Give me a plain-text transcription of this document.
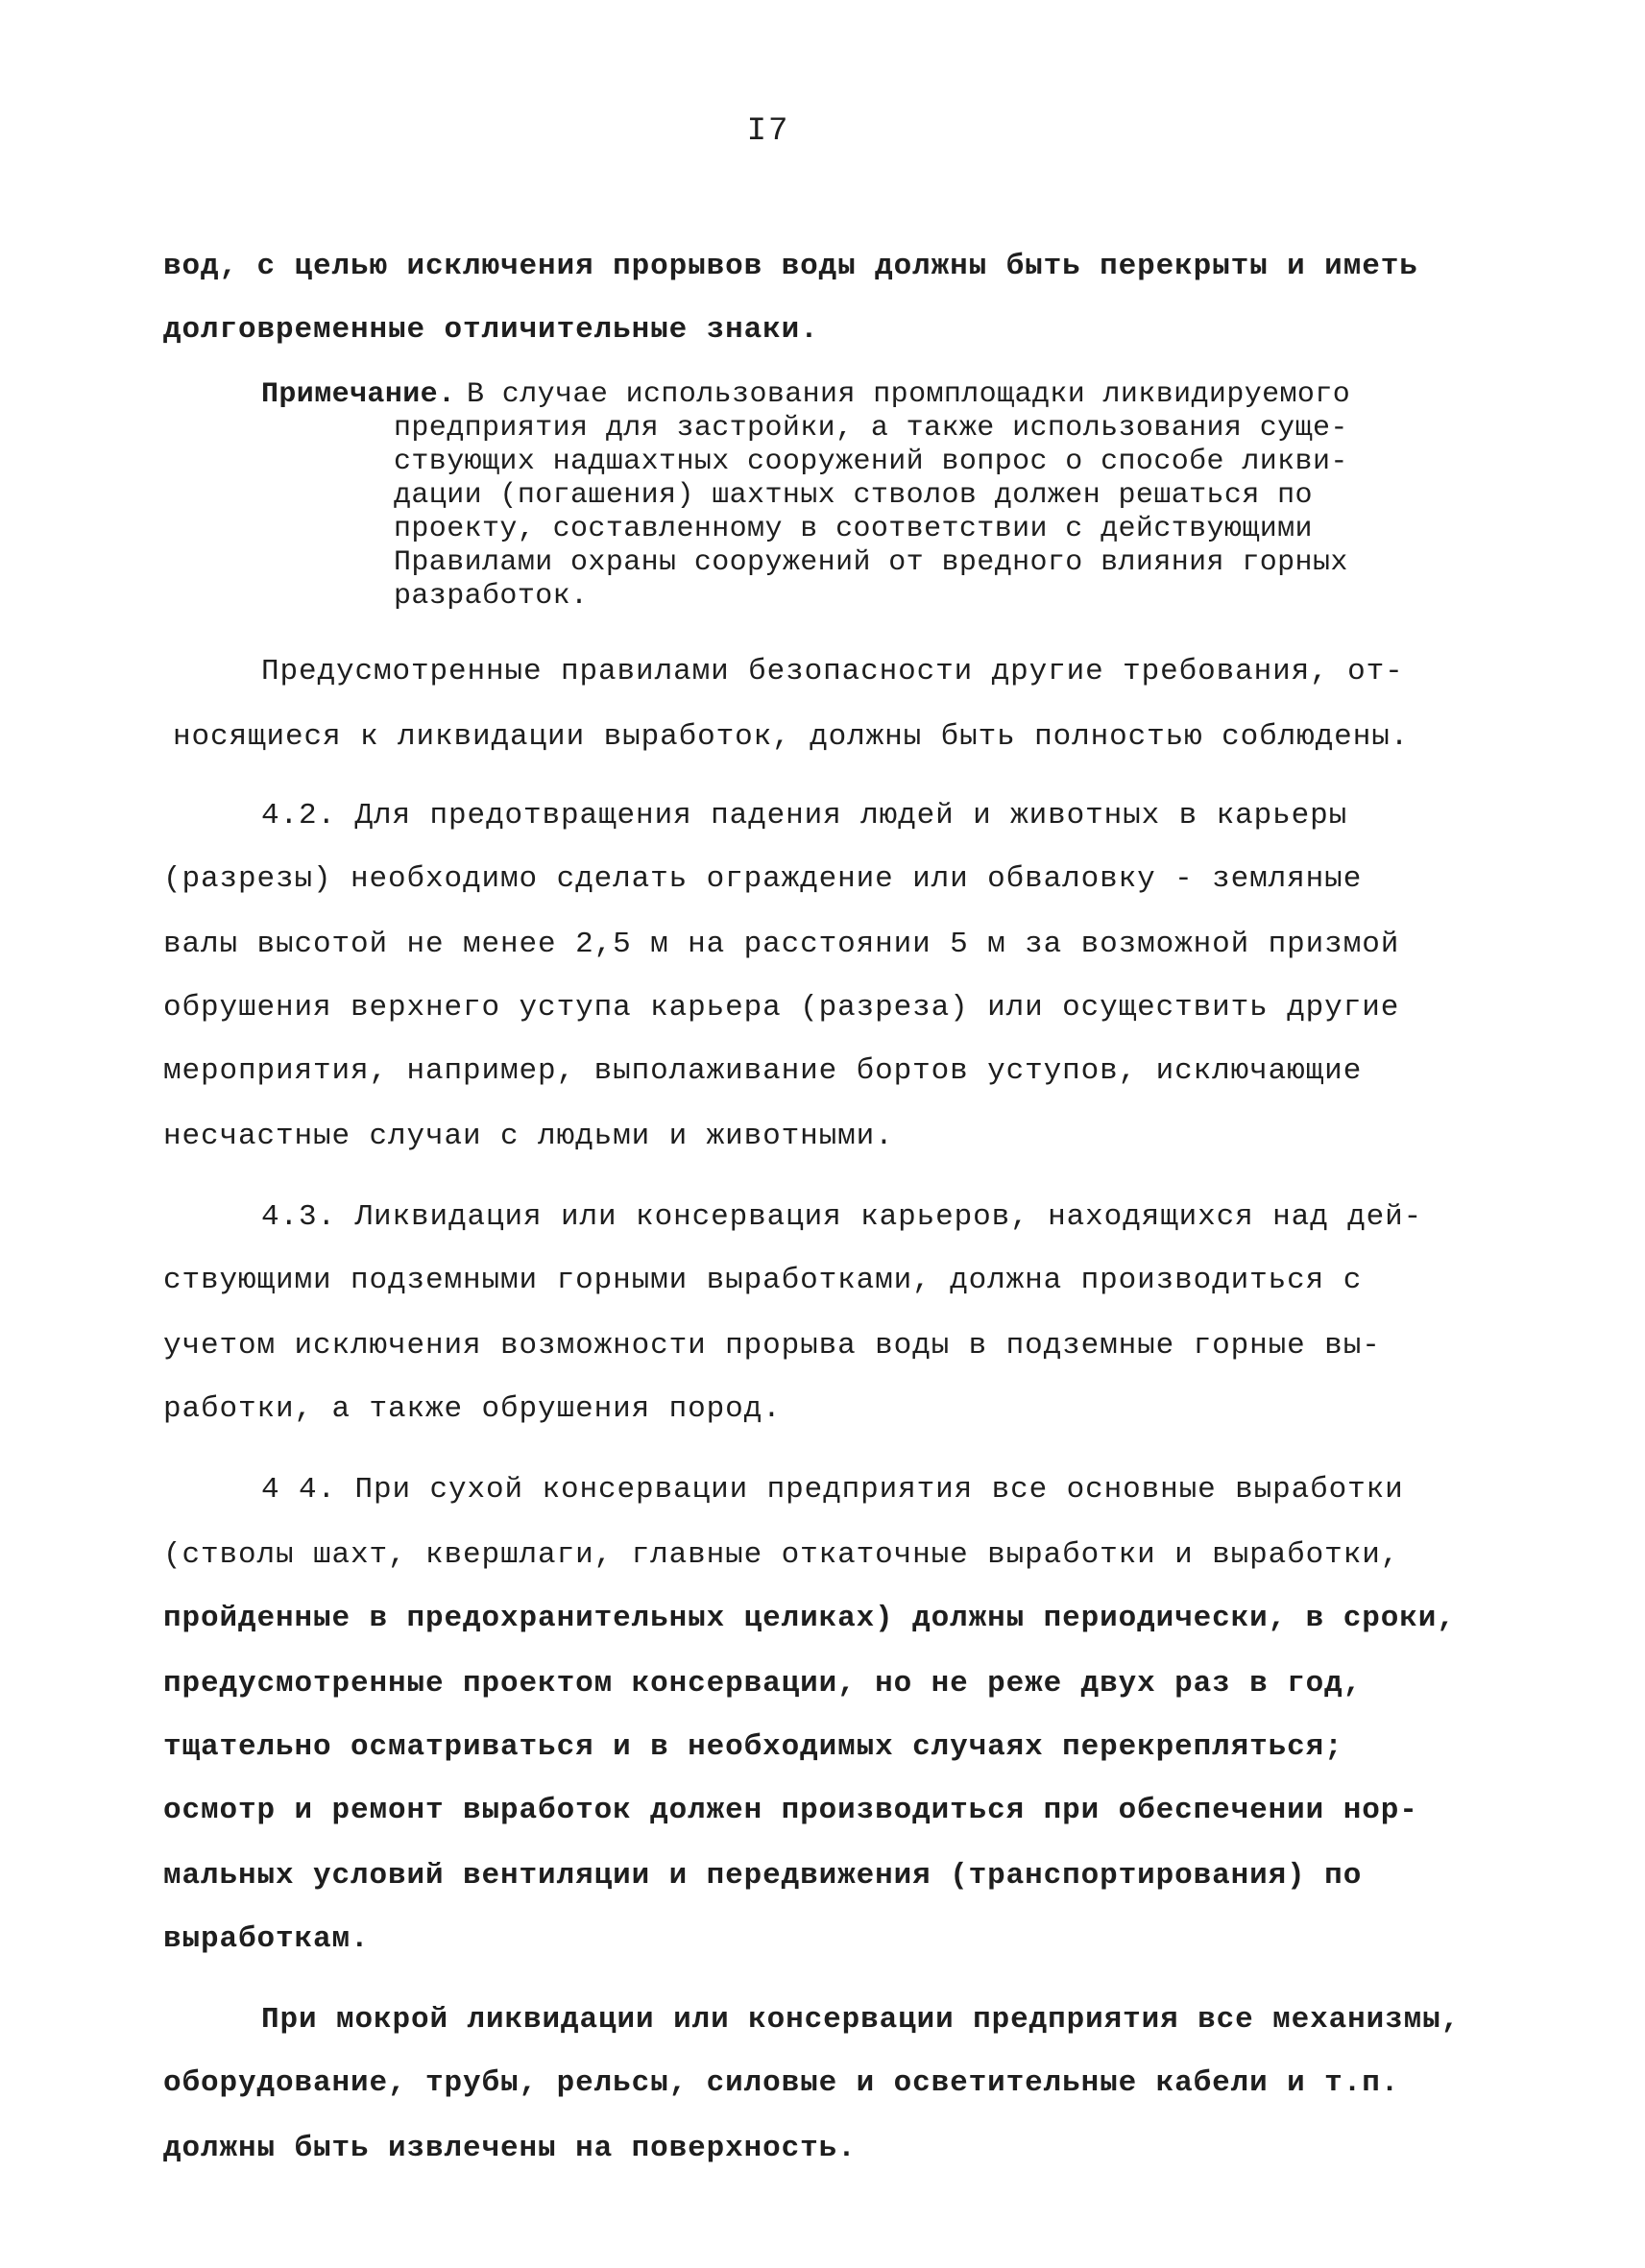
I7
вод, с целью исключения прорывов воды должны быть перекрыты и иметь
долговременные отличительные знаки.
Примечание. В случае использования промплощадки ликвидируемого
предприятия для застройки, а также использования суще-
ствующих надшахтных сооружений вопрос о способе ликви-
дации (погашения) шахтных стволов должен решаться по
проекту, составленному в соответствии с действующими
Правилами охраны сооружений от вредного влияния горных
разработок.
Предусмотренные правилами безопасности другие требования, от-
носящиеся к ликвидации выработок, должны быть полностью соблюдены.
4.2. Для предотвращения падения людей и животных в карьеры
(разрезы) необходимо сделать ограждение или обваловку - земляные
валы высотой не менее 2,5 м на расстоянии 5 м за возможной призмой
обрушения верхнего уступа карьера (разреза) или осуществить другие
мероприятия, например, выполаживание бортов уступов, исключающие
несчастные случаи с людьми и животными.
4.3. Ликвидация или консервация карьеров, находящихся над дей-
ствующими подземными горными выработками, должна производиться с
учетом исключения возможности прорыва воды в подземные горные вы-
работки, а также обрушения пород.
4 4. При сухой консервации предприятия все основные выработки
(стволы шахт, квершлаги, главные откаточные выработки и выработки,
пройденные в предохранительных целиках) должны периодически, в сроки,
предусмотренные проектом консервации, но не реже двух раз в год,
тщательно осматриваться и в необходимых случаях перекрепляться;
осмотр и ремонт выработок должен производиться при обеспечении нор-
мальных условий вентиляции и передвижения (транспортирования) по
выработкам.
При мокрой ликвидации или консервации предприятия все механизмы,
оборудование, трубы, рельсы, силовые и осветительные кабели и т.п.
должны быть извлечены на поверхность.
